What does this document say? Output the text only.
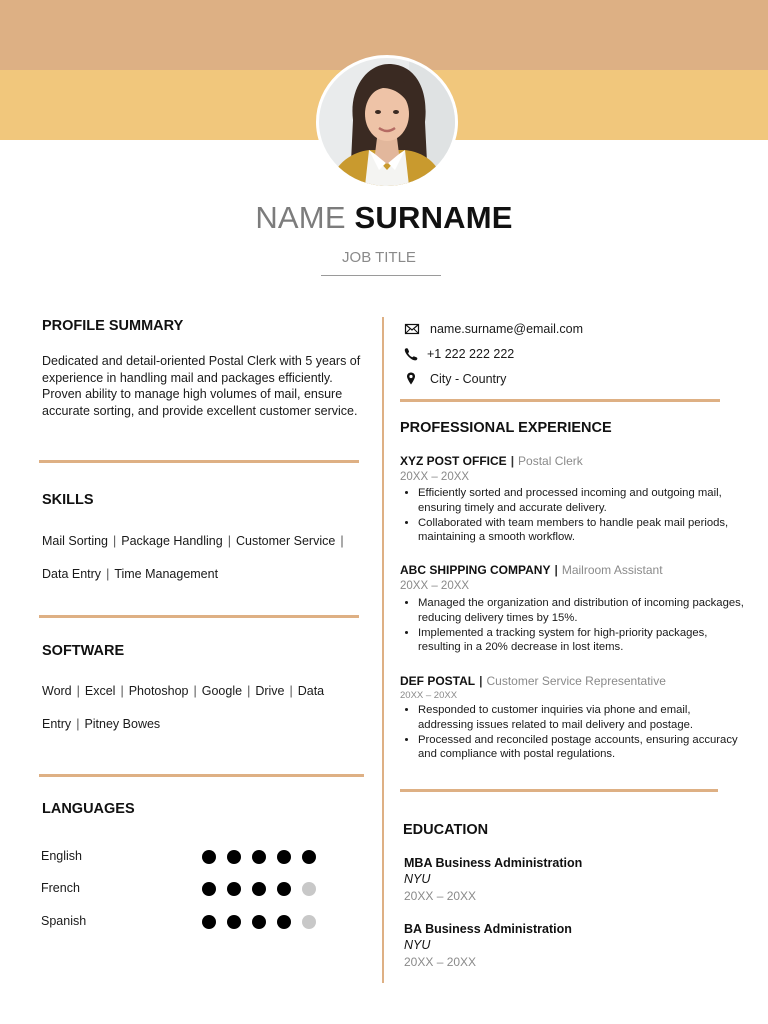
NAME SURNAME
JOB TITLE
PROFILE SUMMARY
Dedicated and detail-oriented Postal Clerk with 5 years of experience in handling mail and packages efficiently. Proven ability to manage high volumes of mail, ensure accurate sorting, and provide excellent customer service.
SKILLS
Mail Sorting | Package Handling | Customer Service |
Data Entry | Time Management
SOFTWARE
Word | Excel | Photoshop | Google | Drive | Data
Entry | Pitney Bowes
LANGUAGES
English
French
Spanish
name.surname@email.com
+1 222 222 222
City - Country
PROFESSIONAL EXPERIENCE
XYZ POST OFFICE | Postal Clerk
20XX – 20XX
• Efficiently sorted and processed incoming and outgoing mail, ensuring timely and accurate delivery.
• Collaborated with team members to handle peak mail periods, maintaining a smooth workflow.
ABC SHIPPING COMPANY | Mailroom Assistant
20XX – 20XX
• Managed the organization and distribution of incoming packages, reducing delivery times by 15%.
• Implemented a tracking system for high-priority packages, resulting in a 20% decrease in lost items.
DEF POSTAL | Customer Service Representative
20XX – 20XX
• Responded to customer inquiries via phone and email, addressing issues related to mail delivery and postage.
• Processed and reconciled postage accounts, ensuring accuracy and compliance with postal regulations.
EDUCATION
MBA Business Administration
NYU
20XX – 20XX
BA Business Administration
NYU
20XX – 20XX
